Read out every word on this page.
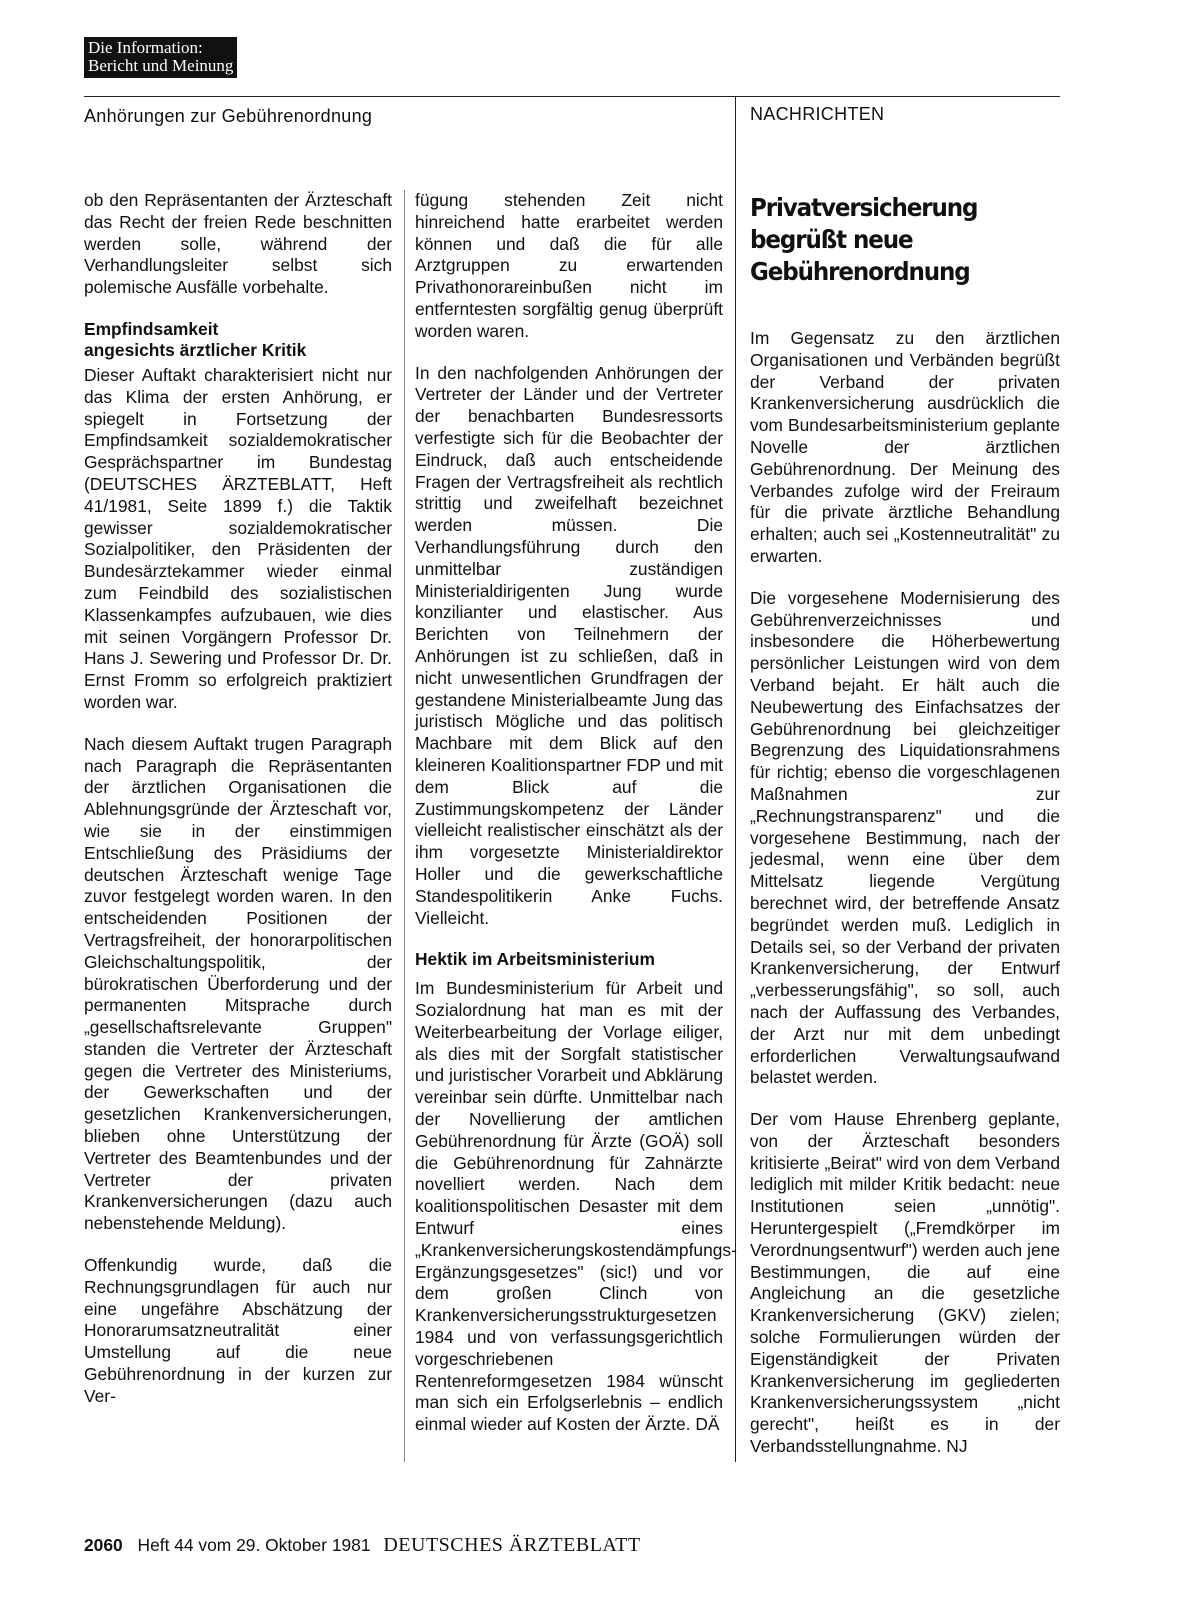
Die Information:
Bericht und Meinung
Anhörungen zur Gebührenordnung	NACHRICHTEN

ob den Repräsentanten der Ärzteschaft das Recht der freien Rede beschnitten werden solle, während der Verhandlungsleiter selbst sich polemische Ausfälle vorbehalte.

Empfindsamkeit
angesichts ärztlicher Kritik

Dieser Auftakt charakterisiert nicht nur das Klima der ersten Anhörung, er spiegelt in Fortsetzung der Empfindsamkeit sozialdemokratischer Gesprächspartner im Bundestag (DEUTSCHES ÄRZTEBLATT, Heft 41/1981, Seite 1899 f.) die Taktik gewisser sozialdemokratischer Sozialpolitiker, den Präsidenten der Bundesärztekammer wieder einmal zum Feindbild des sozialistischen Klassenkampfes aufzubauen, wie dies mit seinen Vorgängern Professor Dr. Hans J. Sewering und Professor Dr. Dr. Ernst Fromm so erfolgreich praktiziert worden war.

Nach diesem Auftakt trugen Paragraph nach Paragraph die Repräsentanten der ärztlichen Organisationen die Ablehnungsgründe der Ärzteschaft vor, wie sie in der einstimmigen Entschließung des Präsidiums der deutschen Ärzteschaft wenige Tage zuvor festgelegt worden waren. In den entscheidenden Positionen der Vertragsfreiheit, der honorarpolitischen Gleichschaltungspolitik, der bürokratischen Überforderung und der permanenten Mitsprache durch „gesellschaftsrelevante Gruppen" standen die Vertreter der Ärzteschaft gegen die Vertreter des Ministeriums, der Gewerkschaften und der gesetzlichen Krankenversicherungen, blieben ohne Unterstützung der Vertreter des Beamtenbundes und der Vertreter der privaten Krankenversicherungen (dazu auch nebenstehende Meldung).

Offenkundig wurde, daß die Rechnungsgrundlagen für auch nur eine ungefähre Abschätzung der Honorarumsatzneutralität einer Umstellung auf die neue Gebührenordnung in der kurzen zur Ver-

fügung stehenden Zeit nicht hinreichend hatte erarbeitet werden können und daß die für alle Arztgruppen zu erwartenden Privathonorareinbußen nicht im entferntesten sorgfältig genug überprüft worden waren.

In den nachfolgenden Anhörungen der Vertreter der Länder und der Vertreter der benachbarten Bundesressorts verfestigte sich für die Beobachter der Eindruck, daß auch entscheidende Fragen der Vertragsfreiheit als rechtlich strittig und zweifelhaft bezeichnet werden müssen. Die Verhandlungsführung durch den unmittelbar zuständigen Ministerialdirigenten Jung wurde konzilianter und elastischer. Aus Berichten von Teilnehmern der Anhörungen ist zu schließen, daß in nicht unwesentlichen Grundfragen der gestandene Ministerialbeamte Jung das juristisch Mögliche und das politisch Machbare mit dem Blick auf den kleineren Koalitionspartner FDP und mit dem Blick auf die Zustimmungskompetenz der Länder vielleicht realistischer einschätzt als der ihm vorgesetzte Ministerialdirektor Holler und die gewerkschaftliche Standespolitikerin Anke Fuchs. Vielleicht.

Hektik im Arbeitsministerium

Im Bundesministerium für Arbeit und Sozialordnung hat man es mit der Weiterbearbeitung der Vorlage eiliger, als dies mit der Sorgfalt statistischer und juristischer Vorarbeit und Abklärung vereinbar sein dürfte. Unmittelbar nach der Novellierung der amtlichen Gebührenordnung für Ärzte (GOÄ) soll die Gebührenordnung für Zahnärzte novelliert werden. Nach dem koalitionspolitischen Desaster mit dem Entwurf eines „Krankenversicherungskostendämpfungs-Ergänzungsgesetzes" (sic!) und vor dem großen Clinch von Krankenversicherungsstrukturgesetzen 1984 und von verfassungsgerichtlich vorgeschriebenen Rentenreformgesetzen 1984 wünscht man sich ein Erfolgserlebnis – endlich einmal wieder auf Kosten der Ärzte. DÄ

Privatversicherung
begrüßt neue
Gebührenordnung

Im Gegensatz zu den ärztlichen Organisationen und Verbänden begrüßt der Verband der privaten Krankenversicherung ausdrücklich die vom Bundesarbeitsministerium geplante Novelle der ärztlichen Gebührenordnung. Der Meinung des Verbandes zufolge wird der Freiraum für die private ärztliche Behandlung erhalten; auch sei „Kostenneutralität" zu erwarten.

Die vorgesehene Modernisierung des Gebührenverzeichnisses und insbesondere die Höherbewertung persönlicher Leistungen wird von dem Verband bejaht. Er hält auch die Neubewertung des Einfachsatzes der Gebührenordnung bei gleichzeitiger Begrenzung des Liquidationsrahmens für richtig; ebenso die vorgeschlagenen Maßnahmen zur „Rechnungstransparenz" und die vorgesehene Bestimmung, nach der jedesmal, wenn eine über dem Mittelsatz liegende Vergütung berechnet wird, der betreffende Ansatz begründet werden muß. Lediglich in Details sei, so der Verband der privaten Krankenversicherung, der Entwurf „verbesserungsfähig", so soll, auch nach der Auffassung des Verbandes, der Arzt nur mit dem unbedingt erforderlichen Verwaltungsaufwand belastet werden.

Der vom Hause Ehrenberg geplante, von der Ärzteschaft besonders kritisierte „Beirat" wird von dem Verband lediglich mit milder Kritik bedacht: neue Institutionen seien „unnötig". Heruntergespielt („Fremdkörper im Verordnungsentwurf") werden auch jene Bestimmungen, die auf eine Angleichung an die gesetzliche Krankenversicherung (GKV) zielen; solche Formulierungen würden der Eigenständigkeit der Privaten Krankenversicherung im gegliederten Krankenversicherungssystem „nicht gerecht", heißt es in der Verbandsstellungnahme. NJ

2060 Heft 44 vom 29. Oktober 1981 DEUTSCHES ÄRZTEBLATT
